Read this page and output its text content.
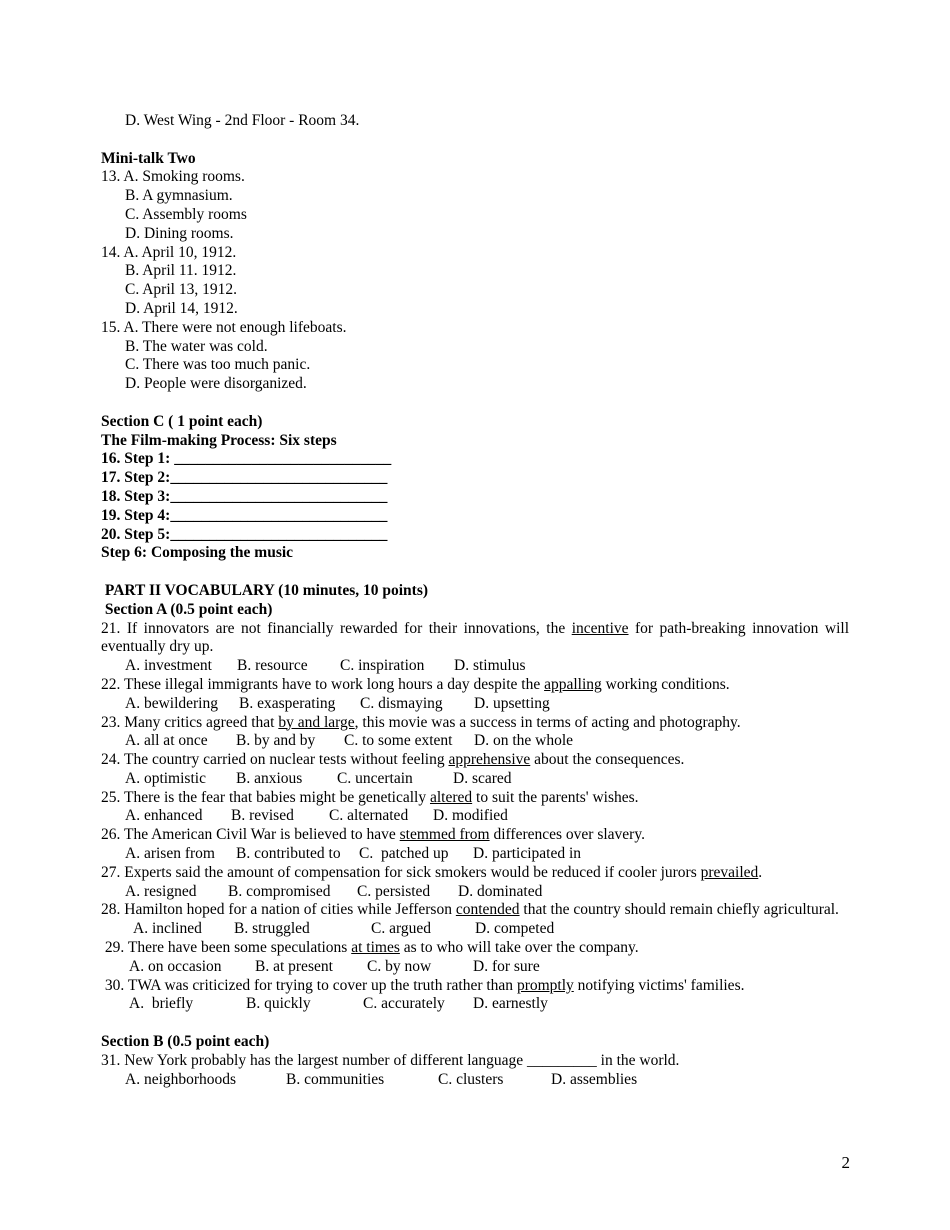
D. West Wing - 2nd Floor - Room 34.
Mini-talk Two
13. A. Smoking rooms.
B. A gymnasium.
C. Assembly rooms
D. Dining rooms.
14. A. April 10, 1912.
B. April 11. 1912.
C. April 13, 1912.
D. April 14, 1912.
15. A. There were not enough lifeboats.
B. The water was cold.
C. There was too much panic.
D. People were disorganized.
Section C ( 1 point each)
The Film-making Process: Six steps
16. Step 1: ____________________________
17. Step 2:____________________________
18. Step 3:____________________________
19. Step 4:____________________________
20. Step 5:____________________________
Step 6: Composing the music
PART II VOCABULARY (10 minutes, 10 points)
Section A (0.5 point each)
21. If innovators are not financially rewarded for their innovations, the incentive for path-breaking innovation will eventually dry up.
A. investment B. resource C. inspiration D. stimulus
22. These illegal immigrants have to work long hours a day despite the appalling working conditions.
A. bewildering B. exasperating C. dismaying D. upsetting
23. Many critics agreed that by and large, this movie was a success in terms of acting and photography.
A. all at once B. by and by C. to some extent D. on the whole
24. The country carried on nuclear tests without feeling apprehensive about the consequences.
A. optimistic B. anxious C. uncertain	D. scared
25. There is the fear that babies might be genetically altered to suit the parents' wishes.
A. enhanced B. revised C. alternated D. modified
26. The American Civil War is believed to have stemmed from differences over slavery.
A. arisen from B. contributed to C.  patched up D. participated in
27. Experts said the amount of compensation for sick smokers would be reduced if cooler jurors prevailed.
A. resigned B. compromised C. persisted D. dominated
28. Hamilton hoped for a nation of cities while Jefferson contended that the country should remain chiefly agricultural.
A. inclined B. struggled	C. argued	D. competed
29. There have been some speculations at times as to who will take over the company.
A. on occasion B. at present C. by now	D. for sure
30. TWA was criticized for trying to cover up the truth rather than promptly notifying victims' families.
A.  briefly	B. quickly	C. accurately D. earnestly
Section B (0.5 point each)
31. New York probably has the largest number of different language _________ in the world.
A. neighborhoods	B. communities	C. clusters	D. assemblies
2
